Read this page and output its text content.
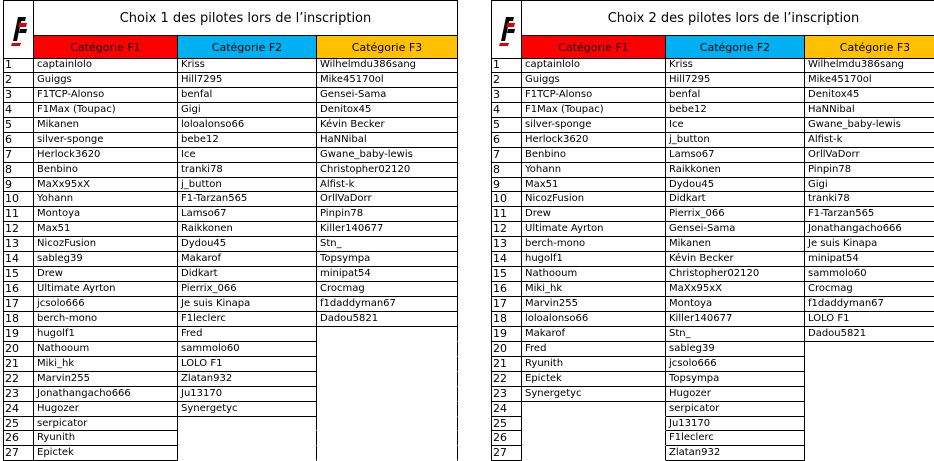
Choix 1 des pilotes lors de l’inscription
Catégorie F1	Catégorie F2	Catégorie F3
1	captainlolo	Kriss	Wilhelmdu386sang
2	Guiggs	Hill7295	Mike45170ol
3	F1TCP-Alonso	benfal	Gensei-Sama
4	F1Max (Toupac)	Gigi	Denitox45
5	Mikanen	loloalonso66	Kévin Becker
6	silver-sponge	bebe12	HaNNibal
7	Herlock3620	Ice	Gwane_baby-lewis
8	Benbino	tranki78	Christopher02120
9	MaXx95xX	j_button	Alfist-k
10	Yohann	F1-Tarzan565	OrllVaDorr
11	Montoya	Lamso67	Pinpin78
12	Max51	Raikkonen	Killer140677
13	NicozFusion	Dydou45	Stn_
14	sableg39	Makarof	Topsympa
15	Drew	Didkart	minipat54
16	Ultimate Ayrton	Pierrix_066	Crocmag
17	jcsolo666	Je suis Kinapa	f1daddyman67
18	berch-mono	F1leclerc	Dadou5821
19	hugolf1	Fred
20	Nathooum	sammolo60
21	Miki_hk	LOLO F1
22	Marvin255	Zlatan932
23	Jonathangacho666	Ju13170
24	Hugozer	Synergetyc
25	serpicator
26	Ryunith
27	Epictek
Choix 2 des pilotes lors de l’inscription
Catégorie F1	Catégorie F2	Catégorie F3
1	captainlolo	Kriss	Wilhelmdu386sang
2	Guiggs	Hill7295	Mike45170ol
3	F1TCP-Alonso	benfal	Denitox45
4	F1Max (Toupac)	bebe12	HaNNibal
5	silver-sponge	Ice	Gwane_baby-lewis
6	Herlock3620	j_button	Alfist-k
7	Benbino	Lamso67	OrllVaDorr
8	Yohann	Raikkonen	Pinpin78
9	Max51	Dydou45	Gigi
10	NicozFusion	Didkart	tranki78
11	Drew	Pierrix_066	F1-Tarzan565
12	Ultimate Ayrton	Gensei-Sama	Jonathangacho666
13	berch-mono	Mikanen	Je suis Kinapa
14	hugolf1	Kévin Becker	minipat54
15	Nathooum	Christopher02120	sammolo60
16	Miki_hk	MaXx95xX	Crocmag
17	Marvin255	Montoya	f1daddyman67
18	loloalonso66	Killer140677	LOLO F1
19	Makarof	Stn_	Dadou5821
20	Fred	sableg39
21	Ryunith	jcsolo666
22	Epictek	Topsympa
23	Synergetyc	Hugozer
24	serpicator
25	Ju13170
26	F1leclerc
27	Zlatan932
